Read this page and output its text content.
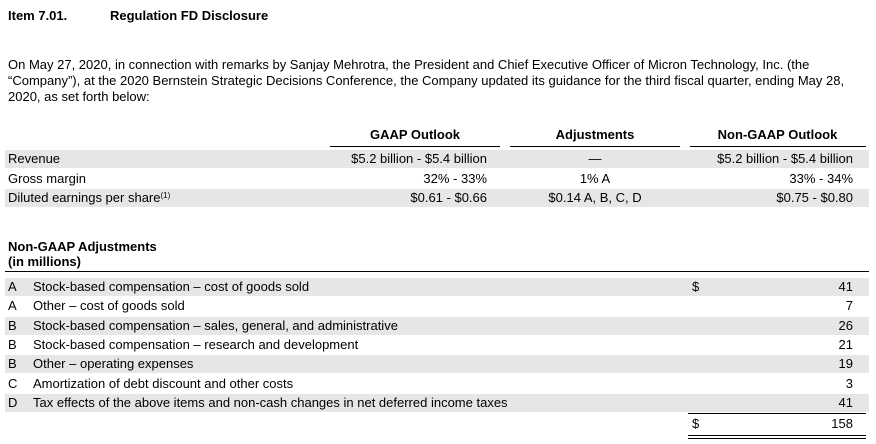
Item 7.01.	Regulation FD Disclosure
On May 27, 2020, in connection with remarks by Sanjay Mehrotra, the President and Chief Executive Officer of Micron Technology, Inc. (the “Company”), at the 2020 Bernstein Strategic Decisions Conference, the Company updated its guidance for the third fiscal quarter, ending May 28, 2020, as set forth below:
GAAP Outlook	Adjustments	Non-GAAP Outlook
Revenue	$5.2 billion - $5.4 billion	—	$5.2 billion - $5.4 billion
Gross margin	32% - 33%	1% A	33% - 34%
Diluted earnings per share$^{(1)}$	$0.61 - $0.66	$0.14 A, B, C, D	$0.75 - $0.80
Non-GAAP Adjustments
(in millions)
A Stock-based compensation – cost of goods sold	$	41
A Other – cost of goods sold	7
B Stock-based compensation – sales, general, and administrative	26
B Stock-based compensation – research and development	21
B Other – operating expenses	19
C Amortization of debt discount and other costs	3
D Tax effects of the above items and non-cash changes in net deferred income taxes	41
$	158
